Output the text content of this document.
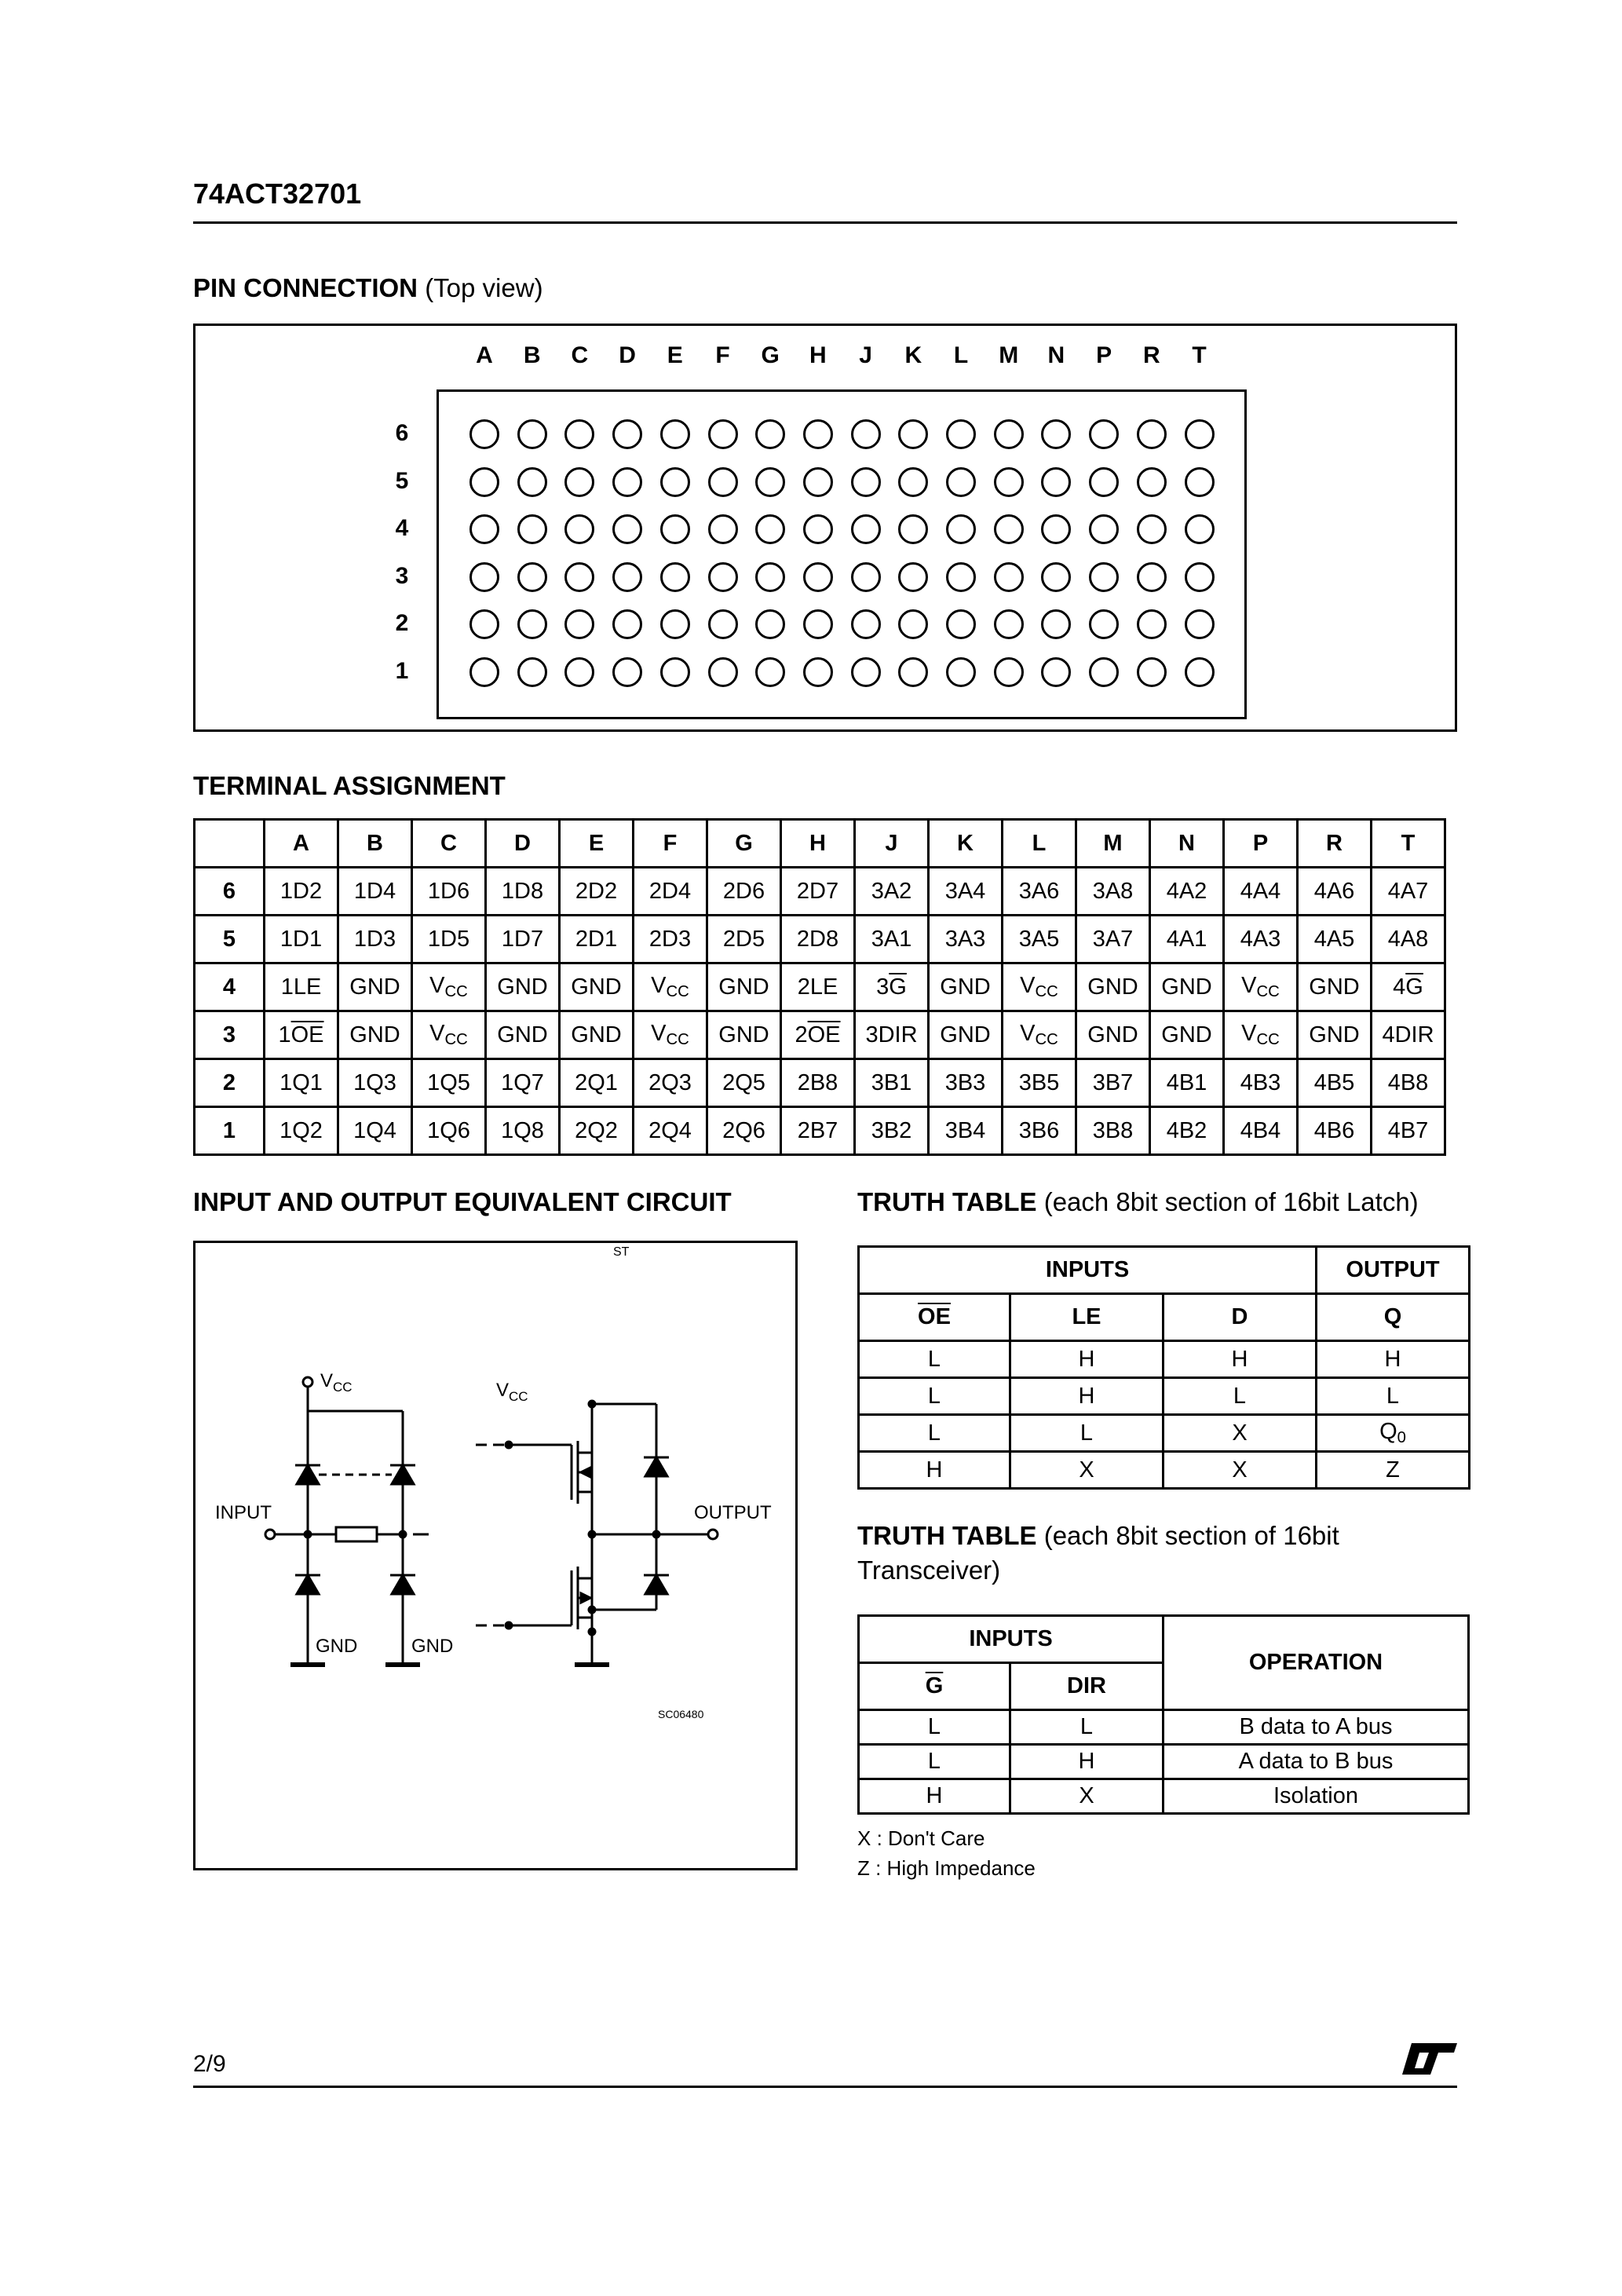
74ACT32701
PIN CONNECTION (Top view)
A	B	C	D	E	F	G	H	J	K	L	M	N	P	R	T
6
5
4
3
2
1
TERMINAL ASSIGNMENT
	A	B	C	D	E	F	G	H	J	K	L	M	N	P	R	T
6	1D2	1D4	1D6	1D8	2D2	2D4	2D6	2D7	3A2	3A4	3A6	3A8	4A2	4A4	4A6	4A7
5	1D1	1D3	1D5	1D7	2D1	2D3	2D5	2D8	3A1	3A3	3A5	3A7	4A1	4A3	4A5	4A8
4	1LE	GND	$V_{CC}$	GND	GND	$V_{CC}$	GND	2LE	$3\overline{G}$	GND	$V_{CC}$	GND	GND	$V_{CC}$	GND	$4\overline{G}$
3	$1\overline{OE}$	GND	$V_{CC}$	GND	GND	$V_{CC}$	GND	$2\overline{OE}$	3DIR	GND	$V_{CC}$	GND	GND	$V_{CC}$	GND	4DIR
2	1Q1	1Q3	1Q5	1Q7	2Q1	2Q3	2Q5	2B8	3B1	3B3	3B5	3B7	4B1	4B3	4B5	4B8
1	1Q2	1Q4	1Q6	1Q8	2Q2	2Q4	2Q6	2B7	3B2	3B4	3B6	3B8	4B2	4B4	4B6	4B7
INPUT AND OUTPUT EQUIVALENT CIRCUIT
$V_{CC}$	$V_{CC}$
INPUT	OUTPUT
GND	GND
SC06480
TRUTH TABLE (each 8bit section of 16bit Latch)
INPUTS			OUTPUT
$\overline{OE}$	LE	D	Q
L	H	H	H
L	H	L	L
L	L	X	$Q_0$
H	X	X	Z
TRUTH TABLE (each 8bit section of 16bit
Transceiver)
INPUTS		OPERATION
$\overline{G}$	DIR	
L	L	B data to A bus
L	H	A data to B bus
H	X	Isolation
X : Don't Care
Z : High Impedance
2/9
ST
